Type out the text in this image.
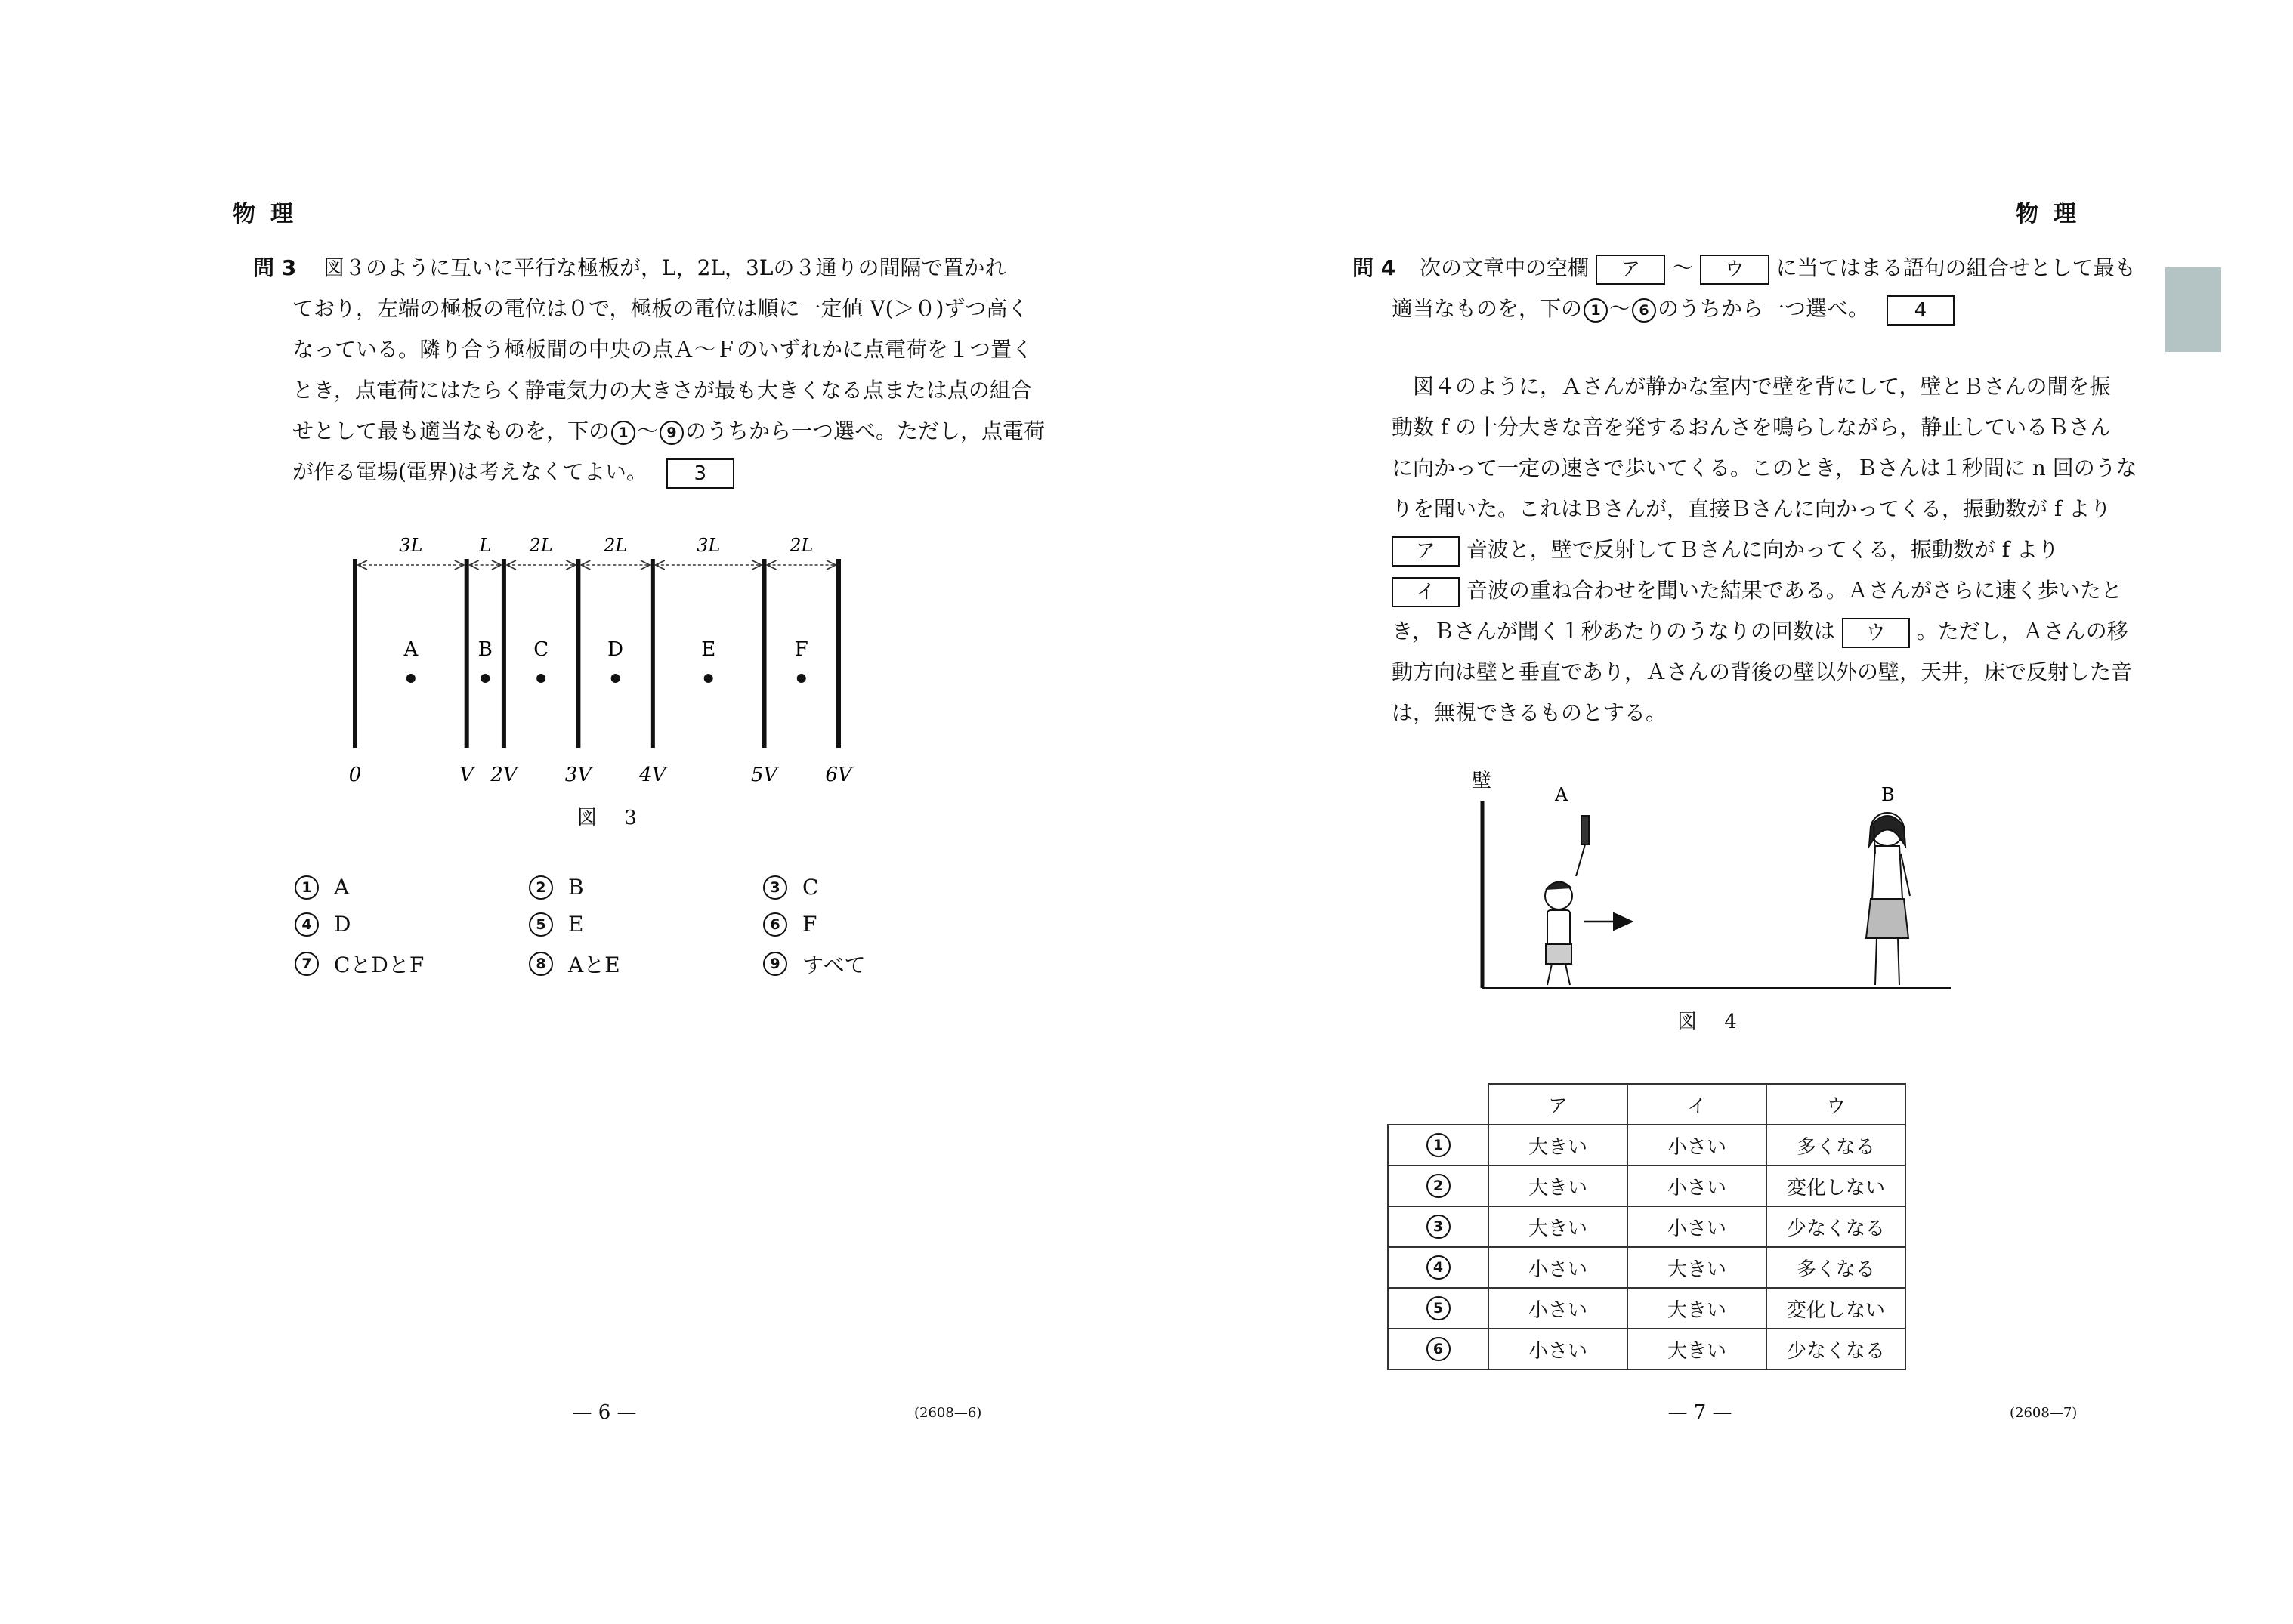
物理
問 3 図３のように互いに平行な極板が，L，2L，3Lの３通りの間隔で置かれ
ており，左端の極板の電位は０で，極板の電位は順に一定値 V(＞０)ずつ高く
なっている。隣り合う極板間の中央の点Ａ～Ｆのいずれかに点電荷を１つ置く
とき，点電荷にはたらく静電気力の大きさが最も大きくなる点または点の組合
せとして最も適当なものを，下の 1 ～ 9 のうちから一つ選べ。ただし，点電荷
が作る電場(電界)は考えなくてよい。 3
3L	L 2L	2L	3L	2L
A	B C	D	E	F
0	V 2V 3V 4V	5V 6V
図 3
1	A	2	B	3	C
4	D	5	E	6	F
7	CとDとF	8	AとE	9	すべて
— 6 —	(2608—6)
物理
問 4 次の文章中の空欄 ア ～ ウ に当てはまる語句の組合せとして最も
適当なものを，下の 1 ～ 6 のうちから一つ選べ。 4
図４のように，Ａさんが静かな室内で壁を背にして，壁とＢさんの間を振
動数 f の十分大きな音を発するおんさを鳴らしながら，静止しているＢさん
に向かって一定の速さで歩いてくる。このとき，Ｂさんは１秒間に n 回のうな
りを聞いた。これはＢさんが，直接Ｂさんに向かってくる，振動数が f より
ア 音波と，壁で反射してＢさんに向かってくる，振動数が f より
イ 音波の重ね合わせを聞いた結果である。Ａさんがさらに速く歩いたと
き，Ｂさんが聞く１秒あたりのうなりの回数は ウ 。ただし，Ａさんの移
動方向は壁と垂直であり，Ａさんの背後の壁以外の壁，天井，床で反射した音
は，無視できるものとする。
壁
A	B
図 4
	ア	イ	ウ
1	大きい	小さい	多くなる
2	大きい	小さい	変化しない
3	大きい	小さい	少なくなる
4	小さい	大きい	多くなる
5	小さい	大きい	変化しない
6	小さい	大きい	少なくなる
— 7 —	(2608—7)
